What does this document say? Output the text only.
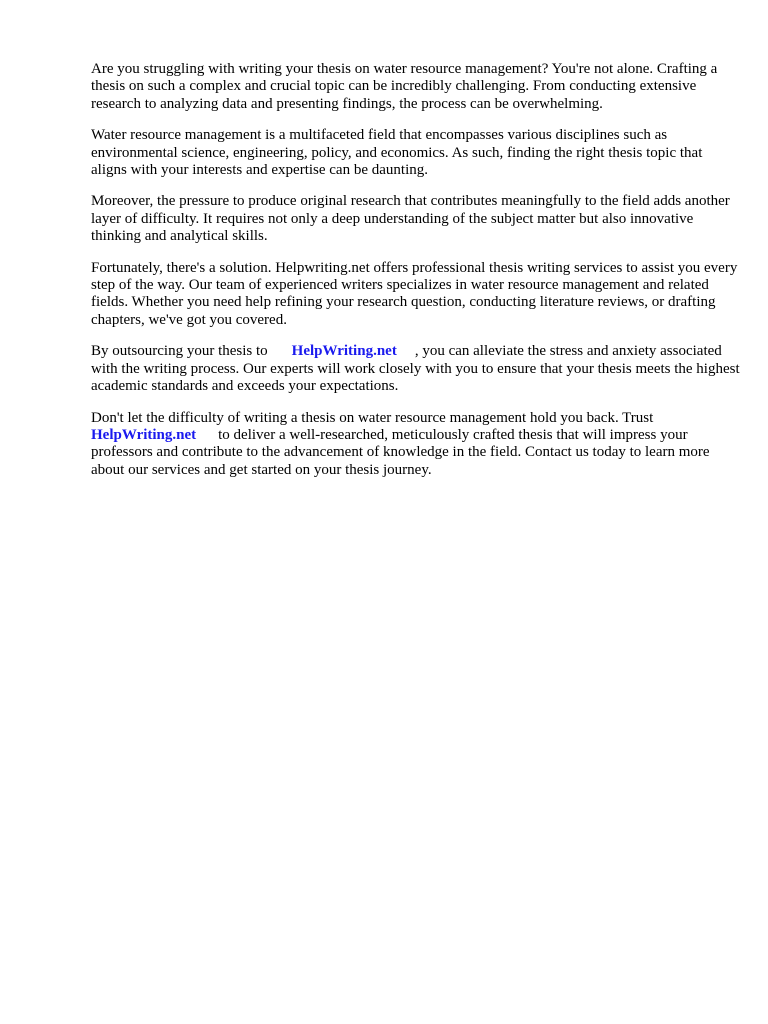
Are you struggling with writing your thesis on water resource management? You're not alone. Crafting a thesis on such a complex and crucial topic can be incredibly challenging. From conducting extensive research to analyzing data and presenting findings, the process can be overwhelming.

Water resource management is a multifaceted field that encompasses various disciplines such as environmental science, engineering, policy, and economics. As such, finding the right thesis topic that aligns with your interests and expertise can be daunting.

Moreover, the pressure to produce original research that contributes meaningfully to the field adds another layer of difficulty. It requires not only a deep understanding of the subject matter but also innovative thinking and analytical skills.

Fortunately, there's a solution. Helpwriting.net offers professional thesis writing services to assist you every step of the way. Our team of experienced writers specializes in water resource management and related fields. Whether you need help refining your research question, conducting literature reviews, or drafting chapters, we've got you covered.

By outsourcing your thesis to HelpWriting.net , you can alleviate the stress and anxiety associated with the writing process. Our experts will work closely with you to ensure that your thesis meets the highest academic standards and exceeds your expectations.

Don't let the difficulty of writing a thesis on water resource management hold you back. Trust
HelpWriting.net to deliver a well-researched, meticulously crafted thesis that will impress your professors and contribute to the advancement of knowledge in the field. Contact us today to learn more about our services and get started on your thesis journey.
